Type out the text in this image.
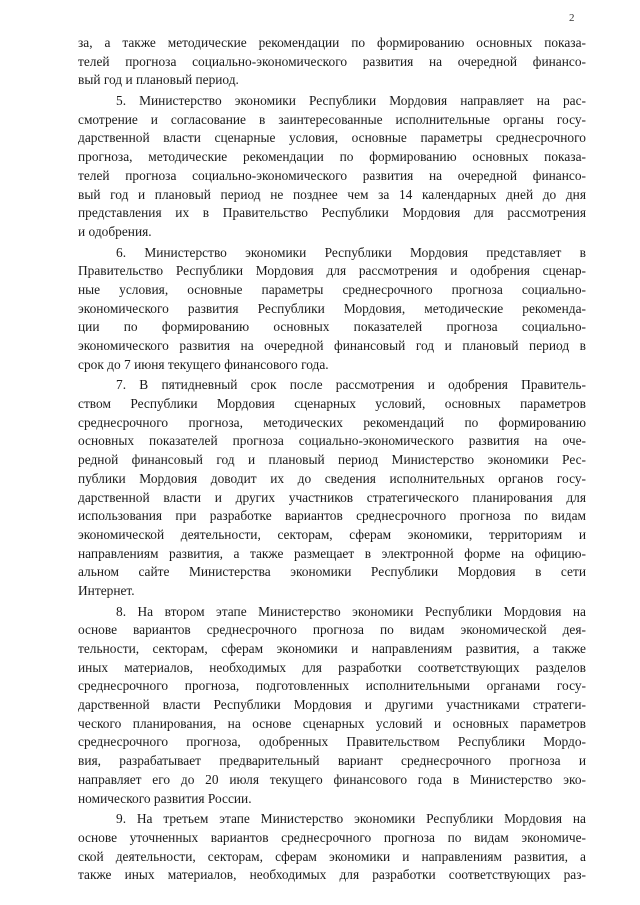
2
за, а также методические рекомендации по формированию основных показа-
телей прогноза социально-экономического развития на очередной финансо-
вый год и плановый период.
5. Министерство экономики Республики Мордовия направляет на рас-
смотрение и согласование в заинтересованные исполнительные органы госу-
дарственной власти сценарные условия, основные параметры среднесрочного
прогноза, методические рекомендации по формированию основных показа-
телей прогноза социально-экономического развития на очередной финансо-
вый год и плановый период не позднее чем за 14 календарных дней до дня
представления их в Правительство Республики Мордовия для рассмотрения
и одобрения.
6. Министерство экономики Республики Мордовия представляет в
Правительство Республики Мордовия для рассмотрения и одобрения сценар-
ные условия, основные параметры среднесрочного прогноза социально-
экономического развития Республики Мордовия, методические рекоменда-
ции по формированию основных показателей прогноза социально-
экономического развития на очередной финансовый год и плановый период в
срок до 7 июня текущего финансового года.
7. В пятидневный срок после рассмотрения и одобрения Правитель-
ством Республики Мордовия сценарных условий, основных параметров
среднесрочного прогноза, методических рекомендаций по формированию
основных показателей прогноза социально-экономического развития на оче-
редной финансовый год и плановый период Министерство экономики Рес-
публики Мордовия доводит их до сведения исполнительных органов госу-
дарственной власти и других участников стратегического планирования для
использования при разработке вариантов среднесрочного прогноза по видам
экономической деятельности, секторам, сферам экономики, территориям и
направлениям развития, а также размещает в электронной форме на официю-
альном сайте Министерства экономики Республики Мордовия в сети
Интернет.
8. На втором этапе Министерство экономики Республики Мордовия на
основе вариантов среднесрочного прогноза по видам экономической дея-
тельности, секторам, сферам экономики и направлениям развития, а также
иных материалов, необходимых для разработки соответствующих разделов
среднесрочного прогноза, подготовленных исполнительными органами госу-
дарственной власти Республики Мордовия и другими участниками стратеги-
ческого планирования, на основе сценарных условий и основных параметров
среднесрочного прогноза, одобренных Правительством Республики Мордо-
вия, разрабатывает предварительный вариант среднесрочного прогноза и
направляет его до 20 июля текущего финансового года в Министерство эко-
номического развития России.
9. На третьем этапе Министерство экономики Республики Мордовия на
основе уточненных вариантов среднесрочного прогноза по видам экономиче-
ской деятельности, секторам, сферам экономики и направлениям развития, а
также иных материалов, необходимых для разработки соответствующих раз-
